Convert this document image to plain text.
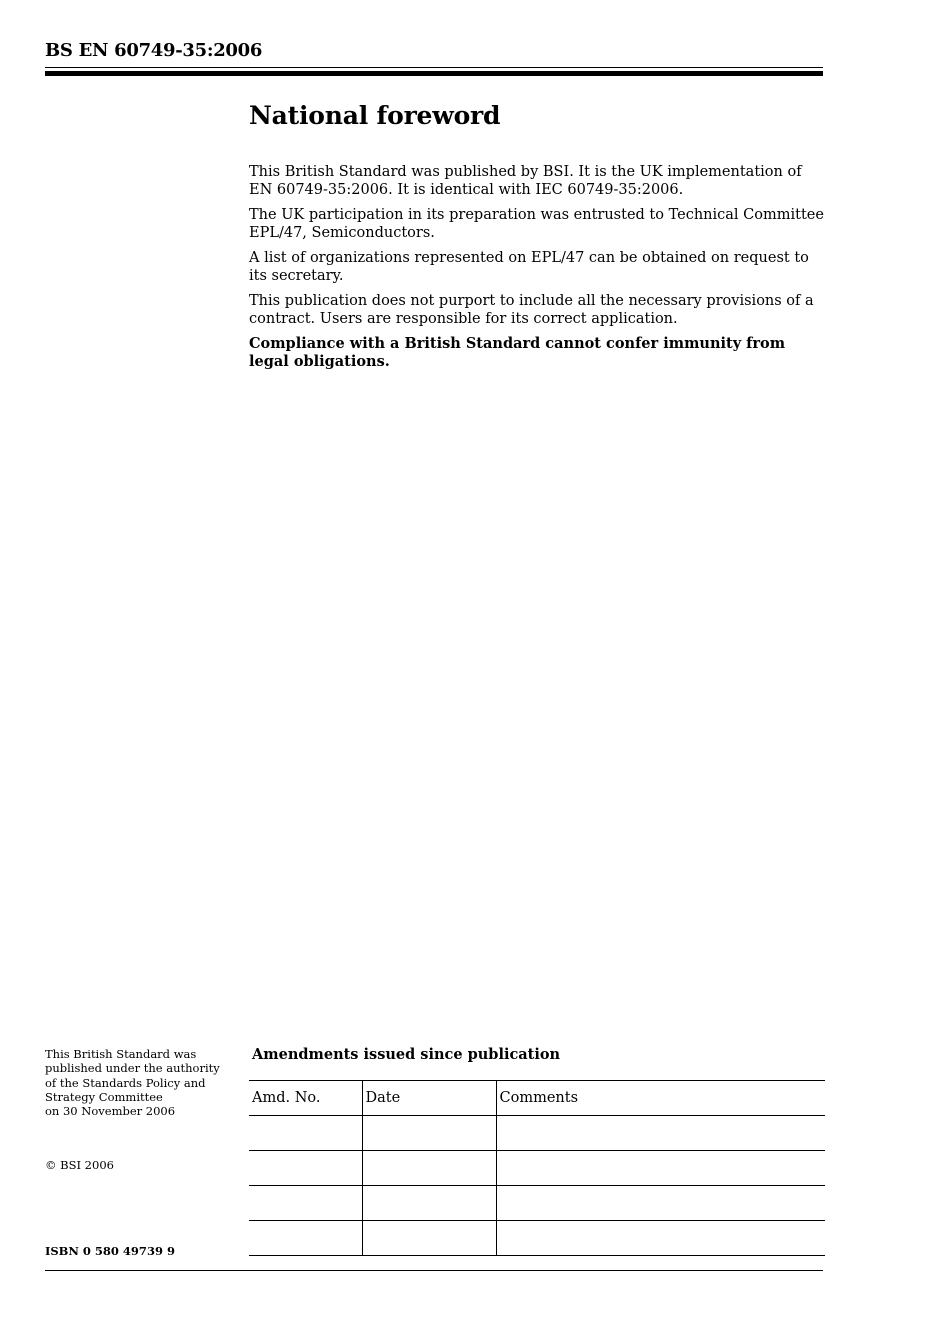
BS EN 60749-35:2006
National foreword

This British Standard was published by BSI. It is the UK implementation of EN 60749-35:2006. It is identical with IEC 60749-35:2006.

The UK participation in its preparation was entrusted to Technical Committee EPL/47, Semiconductors.

A list of organizations represented on EPL/47 can be obtained on request to its secretary.

This publication does not purport to include all the necessary provisions of a contract. Users are responsible for its correct application.

Compliance with a British Standard cannot confer immunity from legal obligations.

This British Standard was
published under the authority
of the Standards Policy and
Strategy Committee
on 30 November 2006
© BSI 2006
ISBN 0 580 49739 9
Amendments issued since publication
Amd. No.	Date	Comments
